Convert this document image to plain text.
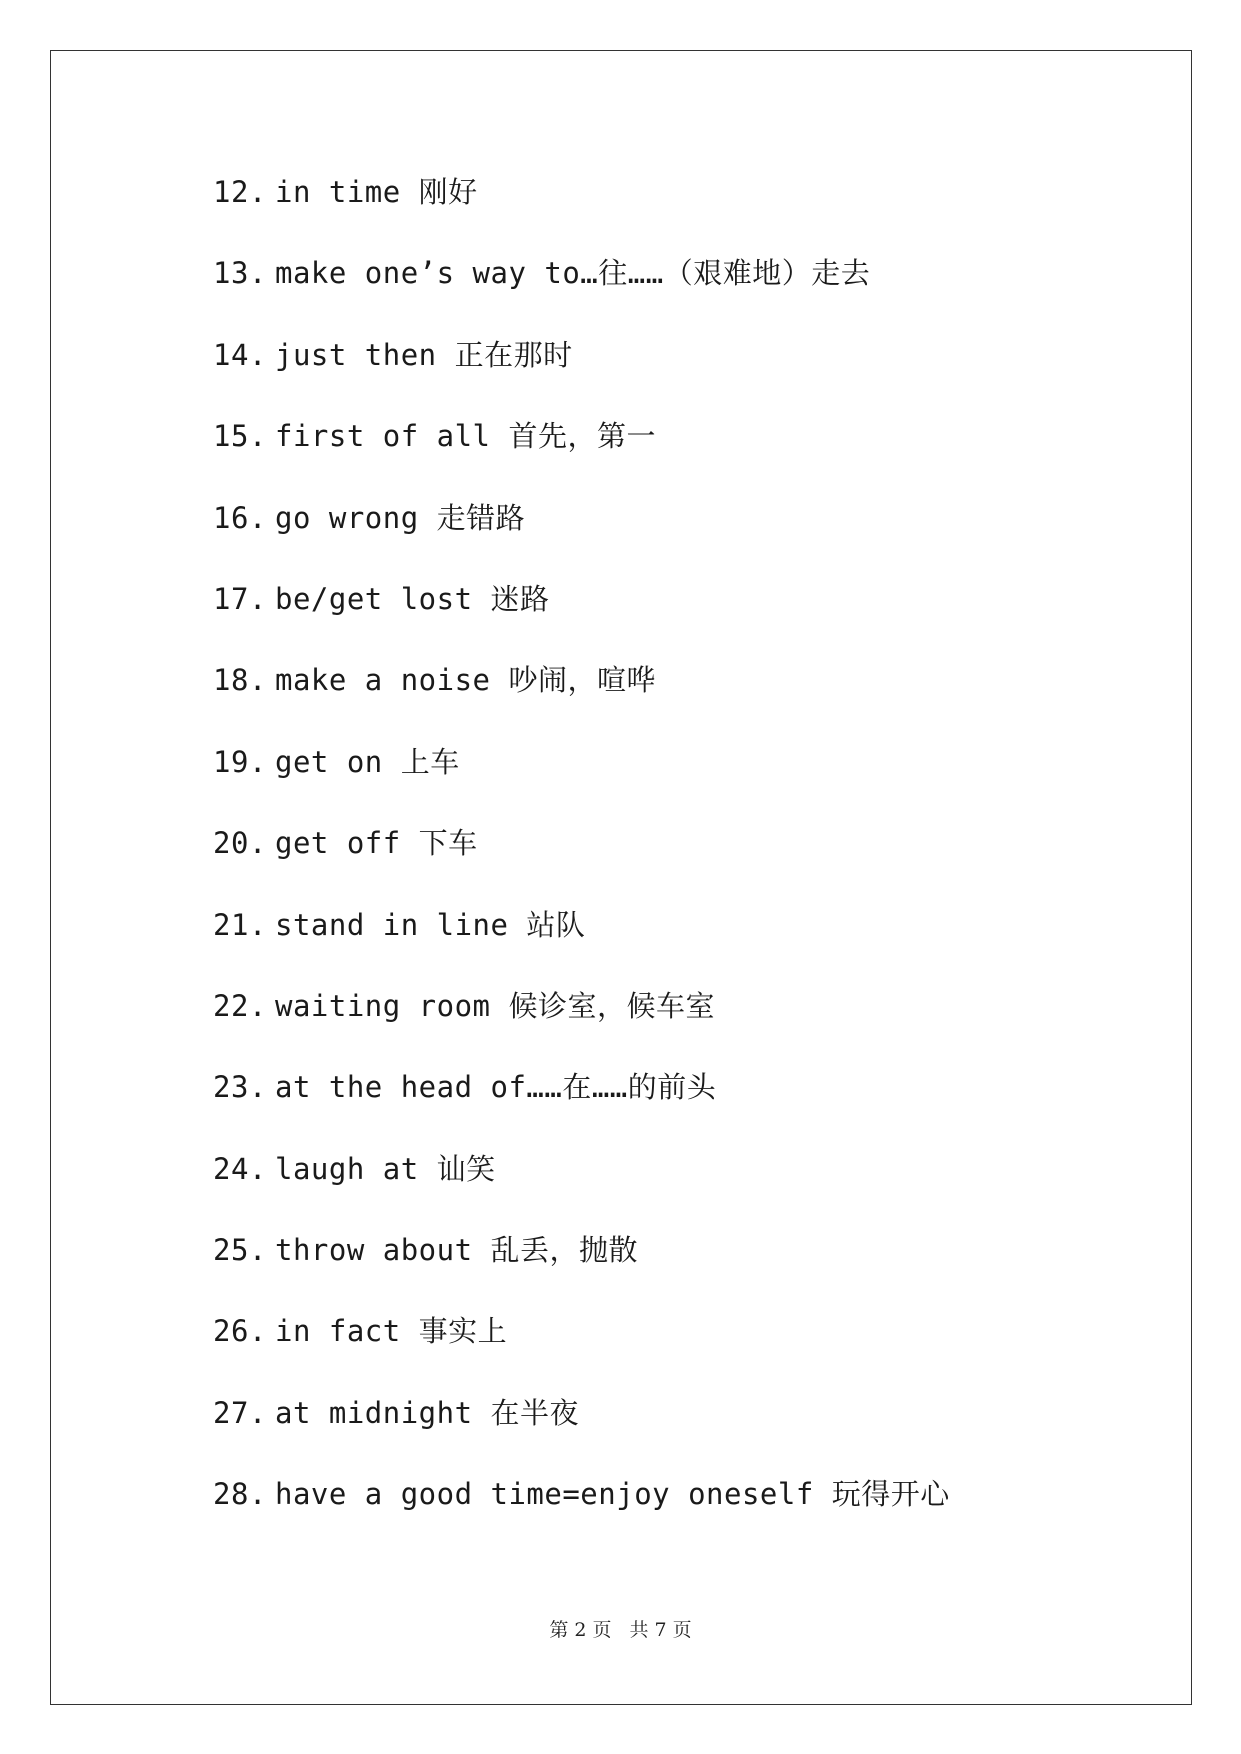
12. in time 刚好
13. make one’s way to…往……（艰难地）走去
14. just then 正在那时
15. first of all 首先，第一
16. go wrong 走错路
17. be/get lost 迷路
18. make a noise 吵闹，喧哗
19. get on 上车
20. get off 下车
21. stand in line 站队
22. waiting room 候诊室，候车室
23. at the head of……在……的前头
24. laugh at 讪笑
25. throw about 乱丢，抛散
26. in fact 事实上
27. at midnight 在半夜
28. have a good time=enjoy oneself 玩得开心
第 2 页 共 7 页
